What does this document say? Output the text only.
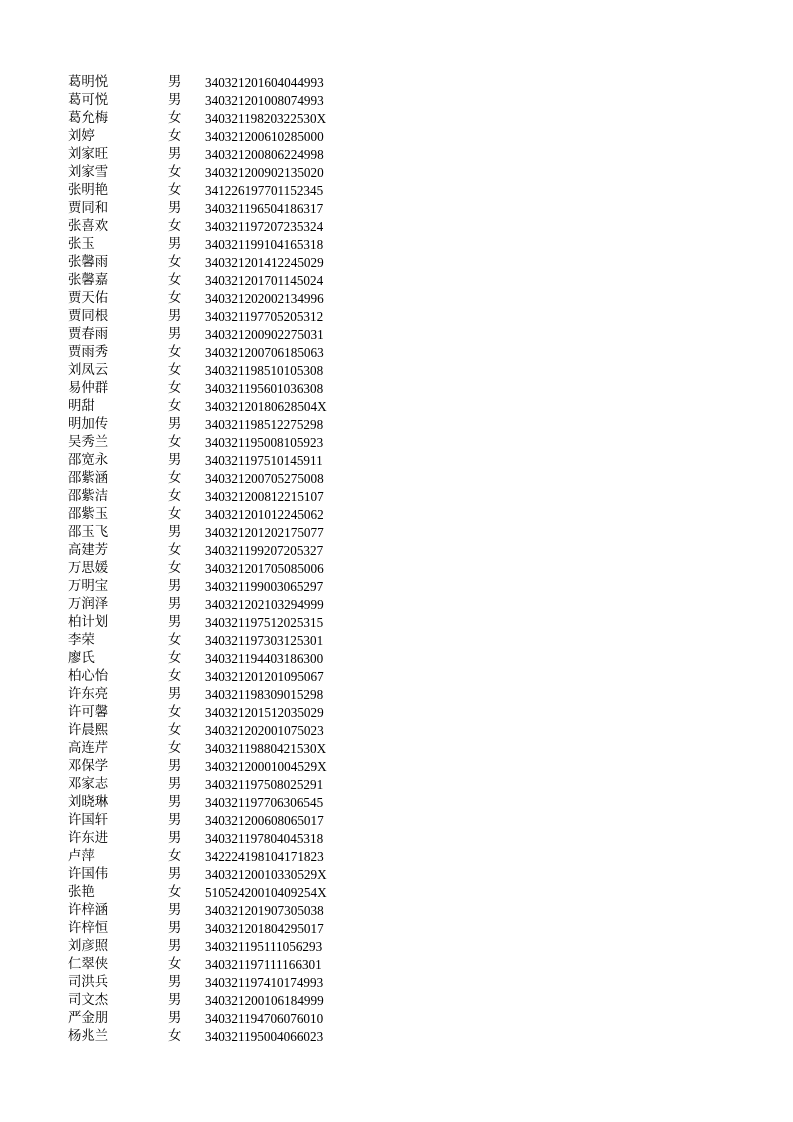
葛明悦	男 340321201604044993
葛可悦	男 340321201008074993
葛允梅	女 34032119820322530X
刘婷	女 340321200610285000
刘家旺	男 340321200806224998
刘家雪	女 340321200902135020
张明艳	女 341226197701152345
贾同和	男 340321196504186317
张喜欢	女 340321197207235324
张玉	男 340321199104165318
张馨雨	女 340321201412245029
张馨嘉	女 340321201701145024
贾天佑	女 340321202002134996
贾同根	男 340321197705205312
贾春雨	男 340321200902275031
贾雨秀	女 340321200706185063
刘凤云	女 340321198510105308
易仲群	女 340321195601036308
明甜	女 34032120180628504X
明加传	男 340321198512275298
吴秀兰	女 340321195008105923
邵宽永	男 340321197510145911
邵紫涵	女 340321200705275008
邵紫洁	女 340321200812215107
邵紫玉	女 340321201012245062
邵玉飞	男 340321201202175077
高建芳	女 340321199207205327
万思媛	女 340321201705085006
万明宝	男 340321199003065297
万润泽	男 340321202103294999
柏计划	男 340321197512025315
李荣	女 340321197303125301
廖氏	女 340321194403186300
柏心怡	女 340321201201095067
许东亮	男 340321198309015298
许可馨	女 340321201512035029
许晨熙	女 340321202001075023
高连芹	女 34032119880421530X
邓保学	男 34032120001004529X
邓家志	男 340321197508025291
刘晓琳	男 340321197706306545
许国轩	男 340321200608065017
许东进	男 340321197804045318
卢萍	女 342224198104171823
许国伟	男 34032120010330529X
张艳	女 51052420010409254X
许梓涵	男 340321201907305038
许梓恒	男 340321201804295017
刘彦照	男 340321195111056293
仁翠侠	女 340321197111166301
司洪兵	男 340321197410174993
司文杰	男 340321200106184999
严金朋	男 340321194706076010
杨兆兰	女 340321195004066023
